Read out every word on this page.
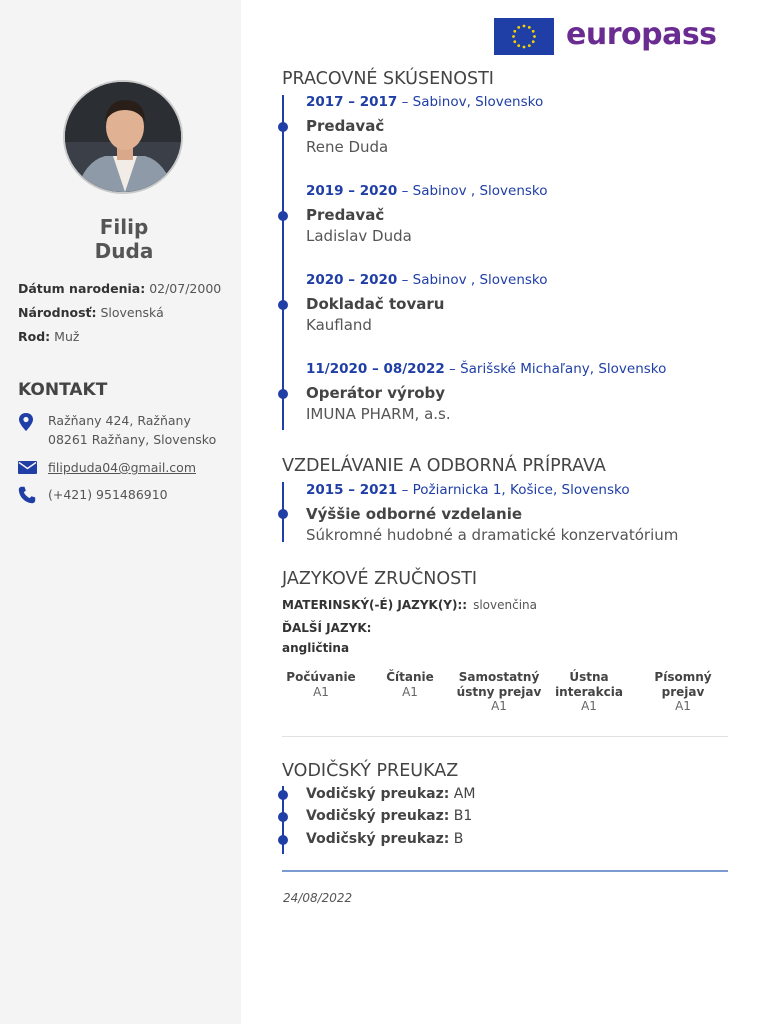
Filip
Duda
Dátum narodenia: 02/07/2000
Národnosť: Slovenská
Rod: Muž
KONTAKT
Ražňany 424, Ražňany
08261 Ražňany, Slovensko
filipduda04@gmail.com
(+421) 951486910
europass
PRACOVNÉ SKÚSENOSTI
2017 – 2017 – Sabinov, Slovensko
Predavač
Rene Duda
2019 – 2020 – Sabinov , Slovensko
Predavač
Ladislav Duda
2020 – 2020 – Sabinov , Slovensko
Dokladač tovaru
Kaufland
11/2020 – 08/2022 – Šarišské Michaľany, Slovensko
Operátor výroby
IMUNA PHARM, a.s.
VZDELÁVANIE A ODBORNÁ PRÍPRAVA
2015 – 2021 – Požiarnicka 1, Košice, Slovensko
Výššie odborné vzdelanie
Súkromné hudobné a dramatické konzervatórium
JAZYKOVÉ ZRUČNOSTI
MATERINSKÝ(-É) JAZYK(Y):: slovenčina
ĎALŠÍ JAZYK:
angličtina
Počúvanie
A1
Čítanie
A1
Samostatný ústny prejav
A1
Ústna interakcia
A1
Písomný prejav
A1
VODIČSKÝ PREUKAZ
Vodičský preukaz: AM
Vodičský preukaz: B1
Vodičský preukaz: B
24/08/2022
